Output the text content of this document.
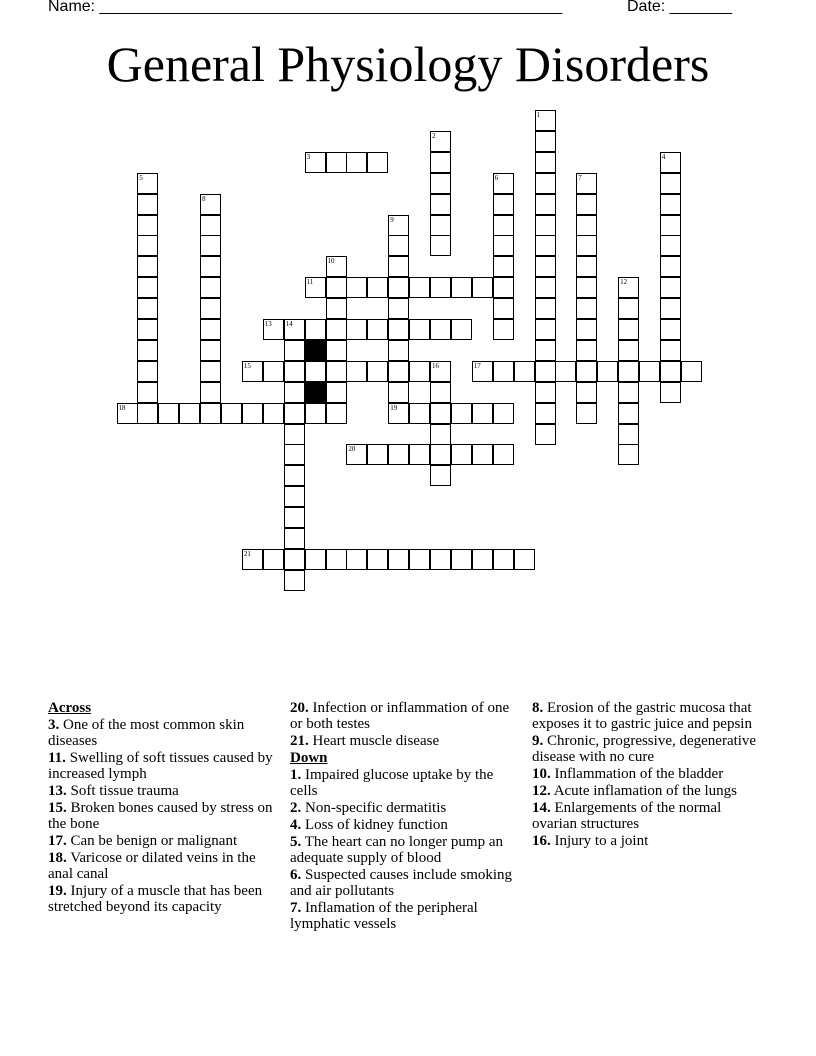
Name: ____________________________________________________	Date: _______
General Physiology Disorders
3
11
13
15	17
18	19
20
21
1
2
4
5	6	7
8
9
10
12
14
16
Across
3. One of the most common skin diseases
11. Swelling of soft tissues caused by increased lymph
13. Soft tissue trauma
15. Broken bones caused by stress on the bone
17. Can be benign or malignant
18. Varicose or dilated veins in the anal canal
19. Injury of a muscle that has been stretched beyond its capacity
20. Infection or inflammation of one or both testes
21. Heart muscle disease
Down
1. Impaired glucose uptake by the cells
2. Non-specific dermatitis
4. Loss of kidney function
5. The heart can no longer pump an adequate supply of blood
6. Suspected causes include smoking and air pollutants
7. Inflamation of the peripheral lymphatic vessels
8. Erosion of the gastric mucosa that exposes it to gastric juice and pepsin
9. Chronic, progressive, degenerative disease with no cure
10. Inflammation of the bladder
12. Acute inflamation of the lungs
14. Enlargements of the normal ovarian structures
16. Injury to a joint
